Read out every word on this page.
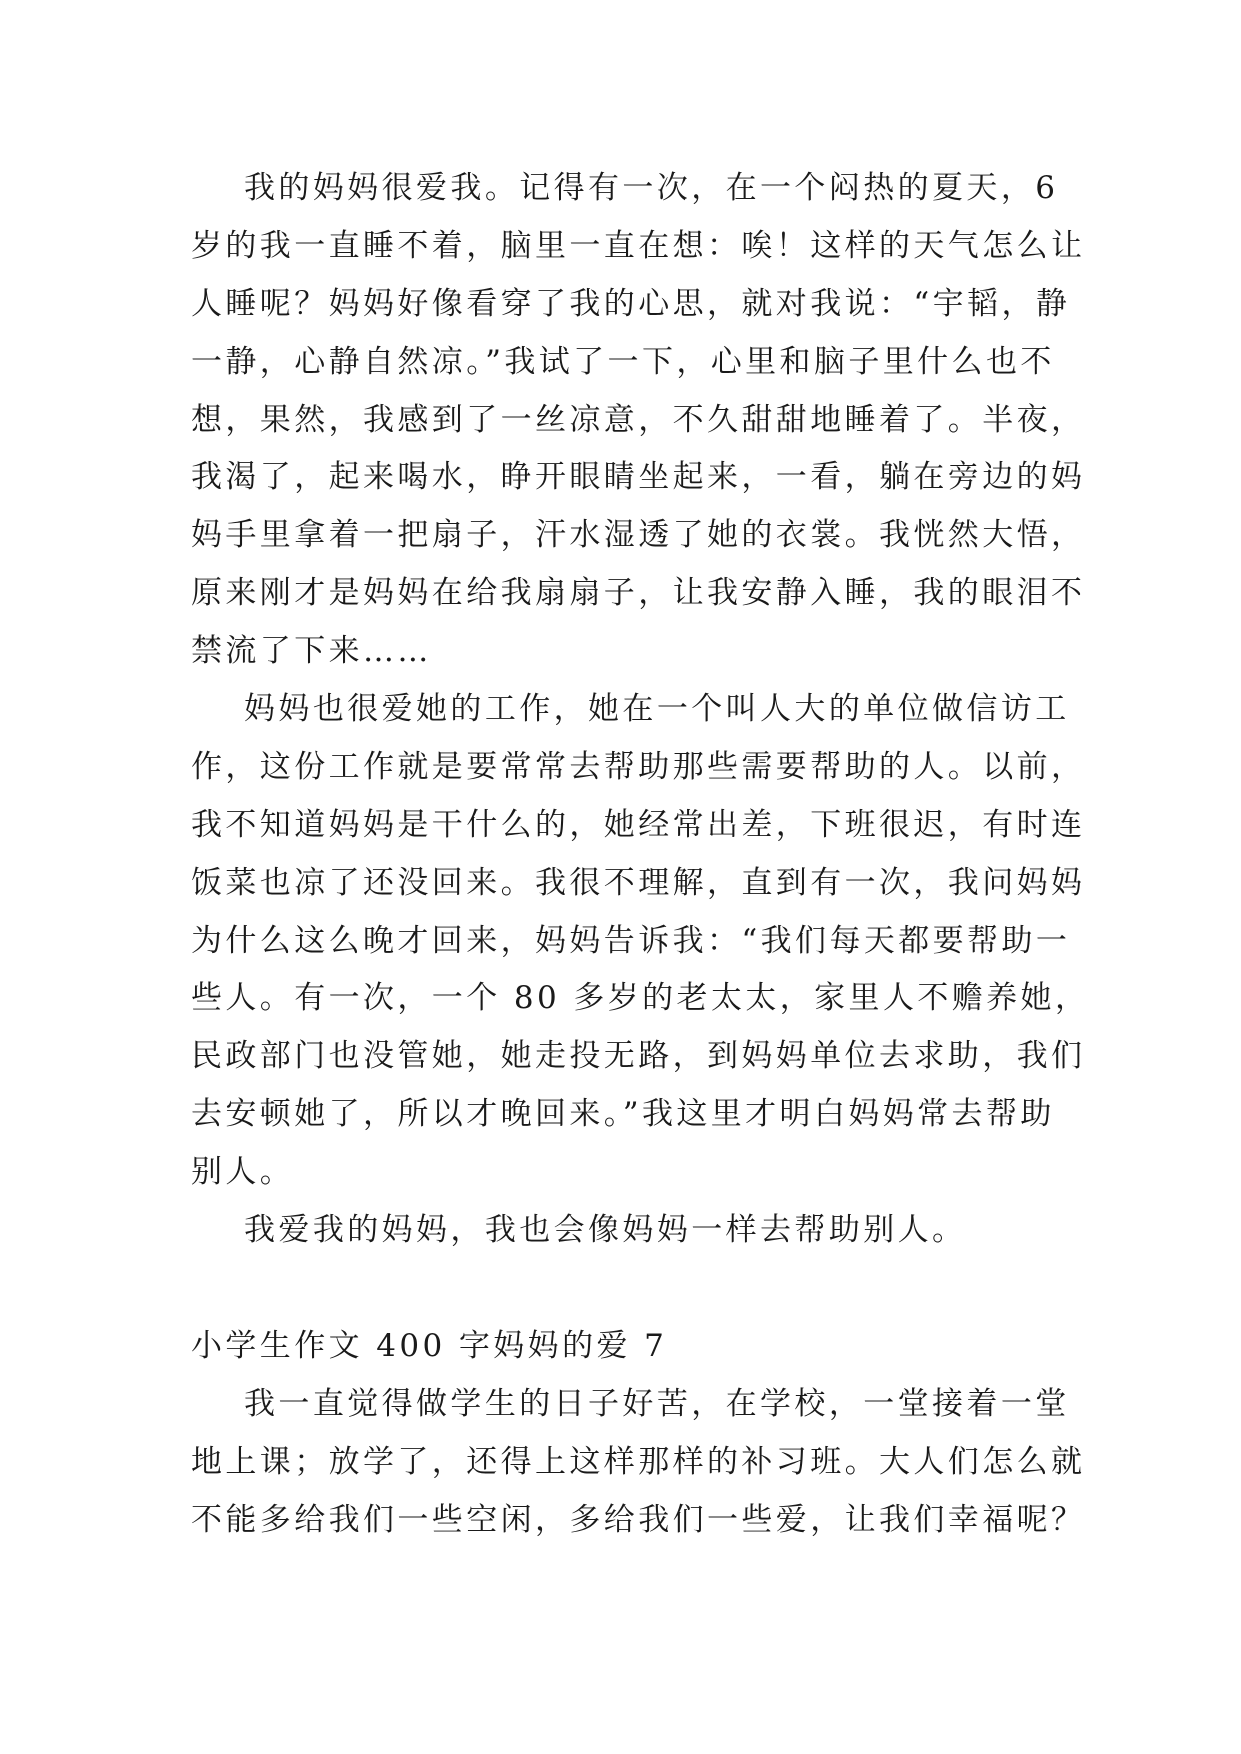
我的妈妈很爱我。记得有一次，在一个闷热的夏天，6
岁的我一直睡不着，脑里一直在想：唉！这样的天气怎么让
人睡呢？妈妈好像看穿了我的心思，就对我说：“宇韬，静
一静，心静自然凉。”我试了一下，心里和脑子里什么也不
想，果然，我感到了一丝凉意，不久甜甜地睡着了。半夜，
我渴了，起来喝水，睁开眼睛坐起来，一看，躺在旁边的妈
妈手里拿着一把扇子，汗水湿透了她的衣裳。我恍然大悟，
原来刚才是妈妈在给我扇扇子，让我安静入睡，我的眼泪不
禁流了下来……
妈妈也很爱她的工作，她在一个叫人大的单位做信访工
作，这份工作就是要常常去帮助那些需要帮助的人。以前，
我不知道妈妈是干什么的，她经常出差，下班很迟，有时连
饭菜也凉了还没回来。我很不理解，直到有一次，我问妈妈
为什么这么晚才回来，妈妈告诉我：“我们每天都要帮助一
些人。有一次，一个 80 多岁的老太太，家里人不赡养她，
民政部门也没管她，她走投无路，到妈妈单位去求助，我们
去安顿她了，所以才晚回来。”我这里才明白妈妈常去帮助
别人。
我爱我的妈妈，我也会像妈妈一样去帮助别人。
小学生作文 400 字妈妈的爱 7
我一直觉得做学生的日子好苦，在学校，一堂接着一堂
地上课；放学了，还得上这样那样的补习班。大人们怎么就
不能多给我们一些空闲，多给我们一些爱，让我们幸福呢？
